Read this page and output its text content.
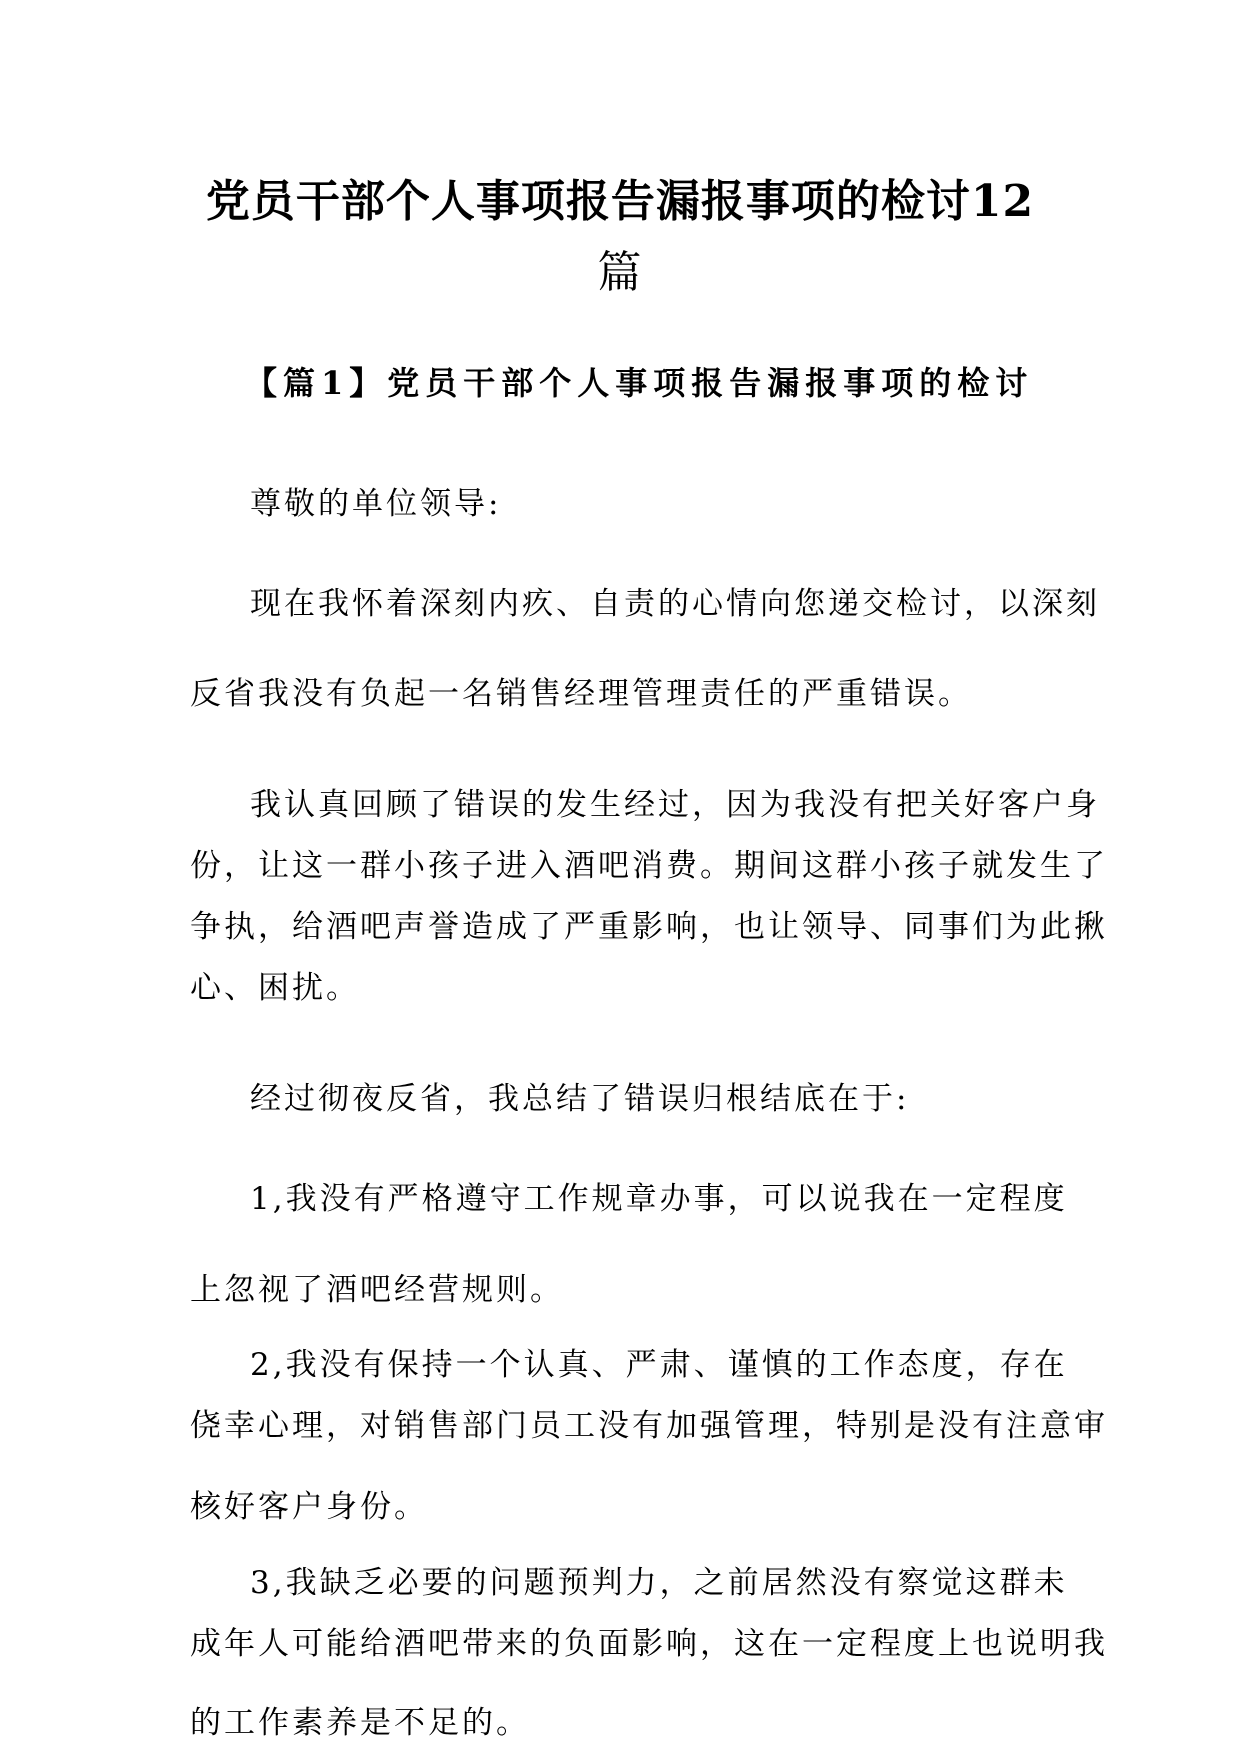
党员干部个人事项报告漏报事项的检讨12
篇
【篇1】党员干部个人事项报告漏报事项的检讨
尊敬的单位领导:
现在我怀着深刻内疚、自责的心情向您递交检讨，以深刻
反省我没有负起一名销售经理管理责任的严重错误。
我认真回顾了错误的发生经过，因为我没有把关好客户身
份，让这一群小孩子进入酒吧消费。期间这群小孩子就发生了
争执，给酒吧声誉造成了严重影响，也让领导、同事们为此揪
心、困扰。
经过彻夜反省，我总结了错误归根结底在于:
1,我没有严格遵守工作规章办事，可以说我在一定程度
上忽视了酒吧经营规则。
2,我没有保持一个认真、严肃、谨慎的工作态度，存在
侥幸心理，对销售部门员工没有加强管理，特别是没有注意审
核好客户身份。
3,我缺乏必要的问题预判力，之前居然没有察觉这群未
成年人可能给酒吧带来的负面影响，这在一定程度上也说明我
的工作素养是不足的。
